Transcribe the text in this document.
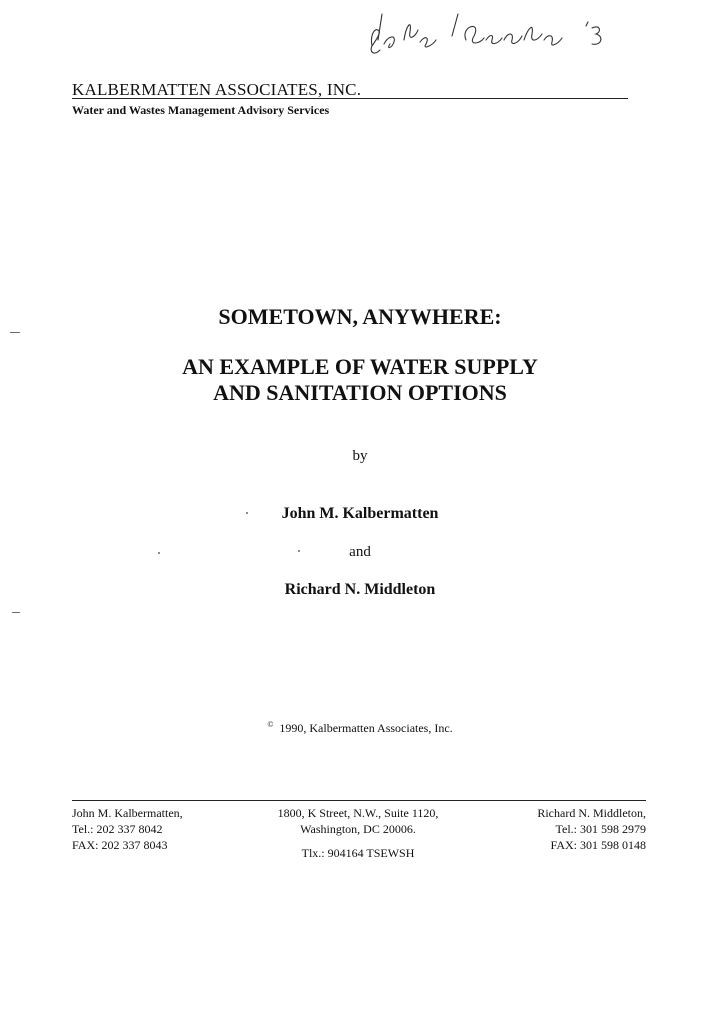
KALBERMATTEN ASSOCIATES, INC.
Water and Wastes Management Advisory Services
SOMETOWN, ANYWHERE:
AN EXAMPLE OF WATER SUPPLY
AND SANITATION OPTIONS
by
John M. Kalbermatten
and
Richard N. Middleton
© 1990, Kalbermatten Associates, Inc.
John M. Kalbermatten,
Tel.: 202 337 8042
FAX: 202 337 8043
1800, K Street, N.W., Suite 1120,
Washington, DC 20006.
Tlx.: 904164 TSEWSH
Richard N. Middleton,
Tel.: 301 598 2979
FAX: 301 598 0148
